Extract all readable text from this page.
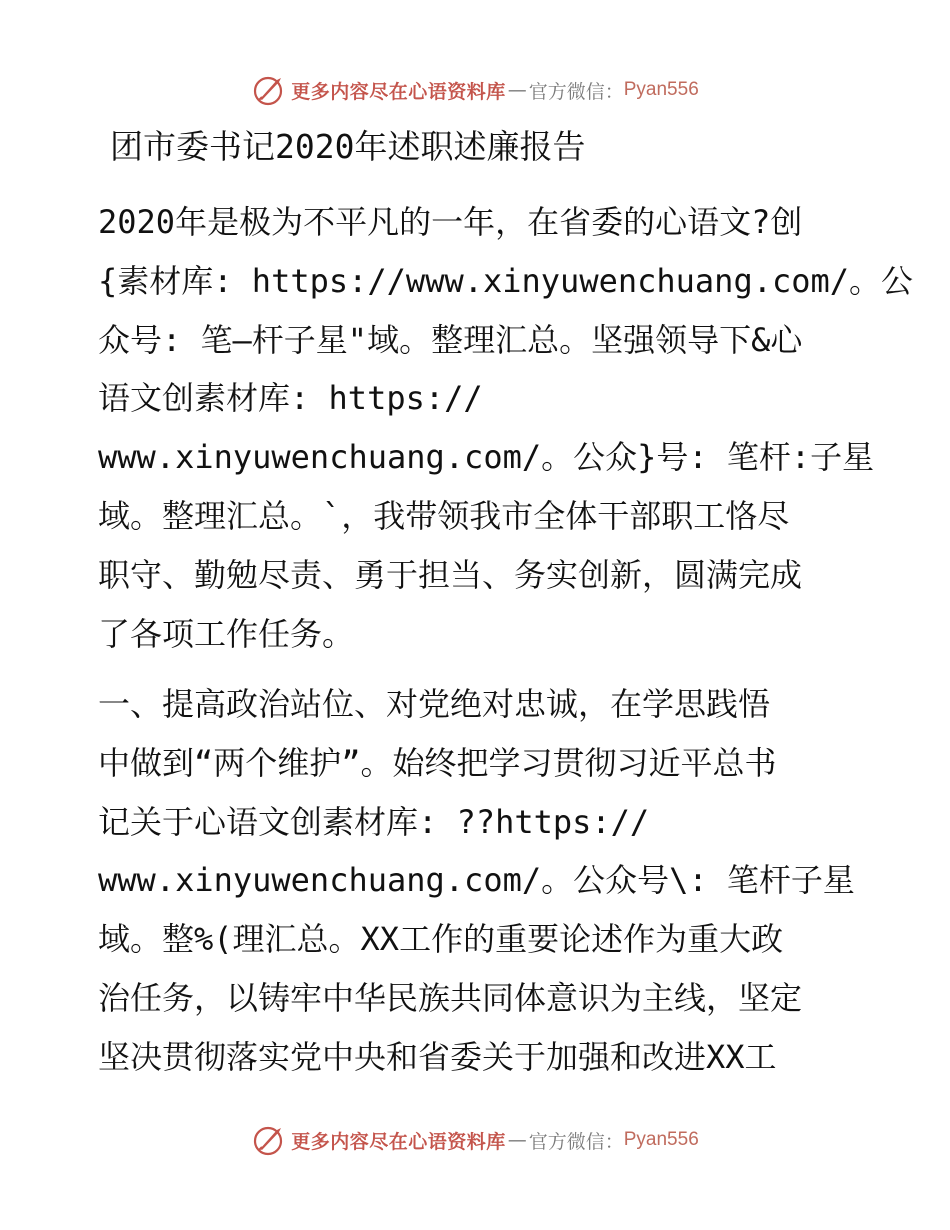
更多内容尽在心语资料库 — 官方微信： Pyan556
团市委书记2020年述职述廉报告

2020年是极为不平凡的一年，在省委的心语文?创
{素材库: https://www.xinyuwenchuang.com/。公
众号: 笔—杆子星"域。整理汇总。坚强领导下&心
语文创素材库: https://
www.xinyuwenchuang.com/。公众}号: 笔杆:子星
域。整理汇总。`，我带领我市全体干部职工恪尽
职守、勤勉尽责、勇于担当、务实创新，圆满完成
了各项工作任务。

一、提高政治站位、对党绝对忠诚，在学思践悟
中做到“两个维护”。始终把学习贯彻习近平总书
记关于心语文创素材库: ??https://
www.xinyuwenchuang.com/。公众号\: 笔杆子星
域。整%(理汇总。XX工作的重要论述作为重大政
治任务，以铸牢中华民族共同体意识为主线，坚定
坚决贯彻落实党中央和省委关于加强和改进XX工

更多内容尽在心语资料库 — 官方微信： Pyan556
